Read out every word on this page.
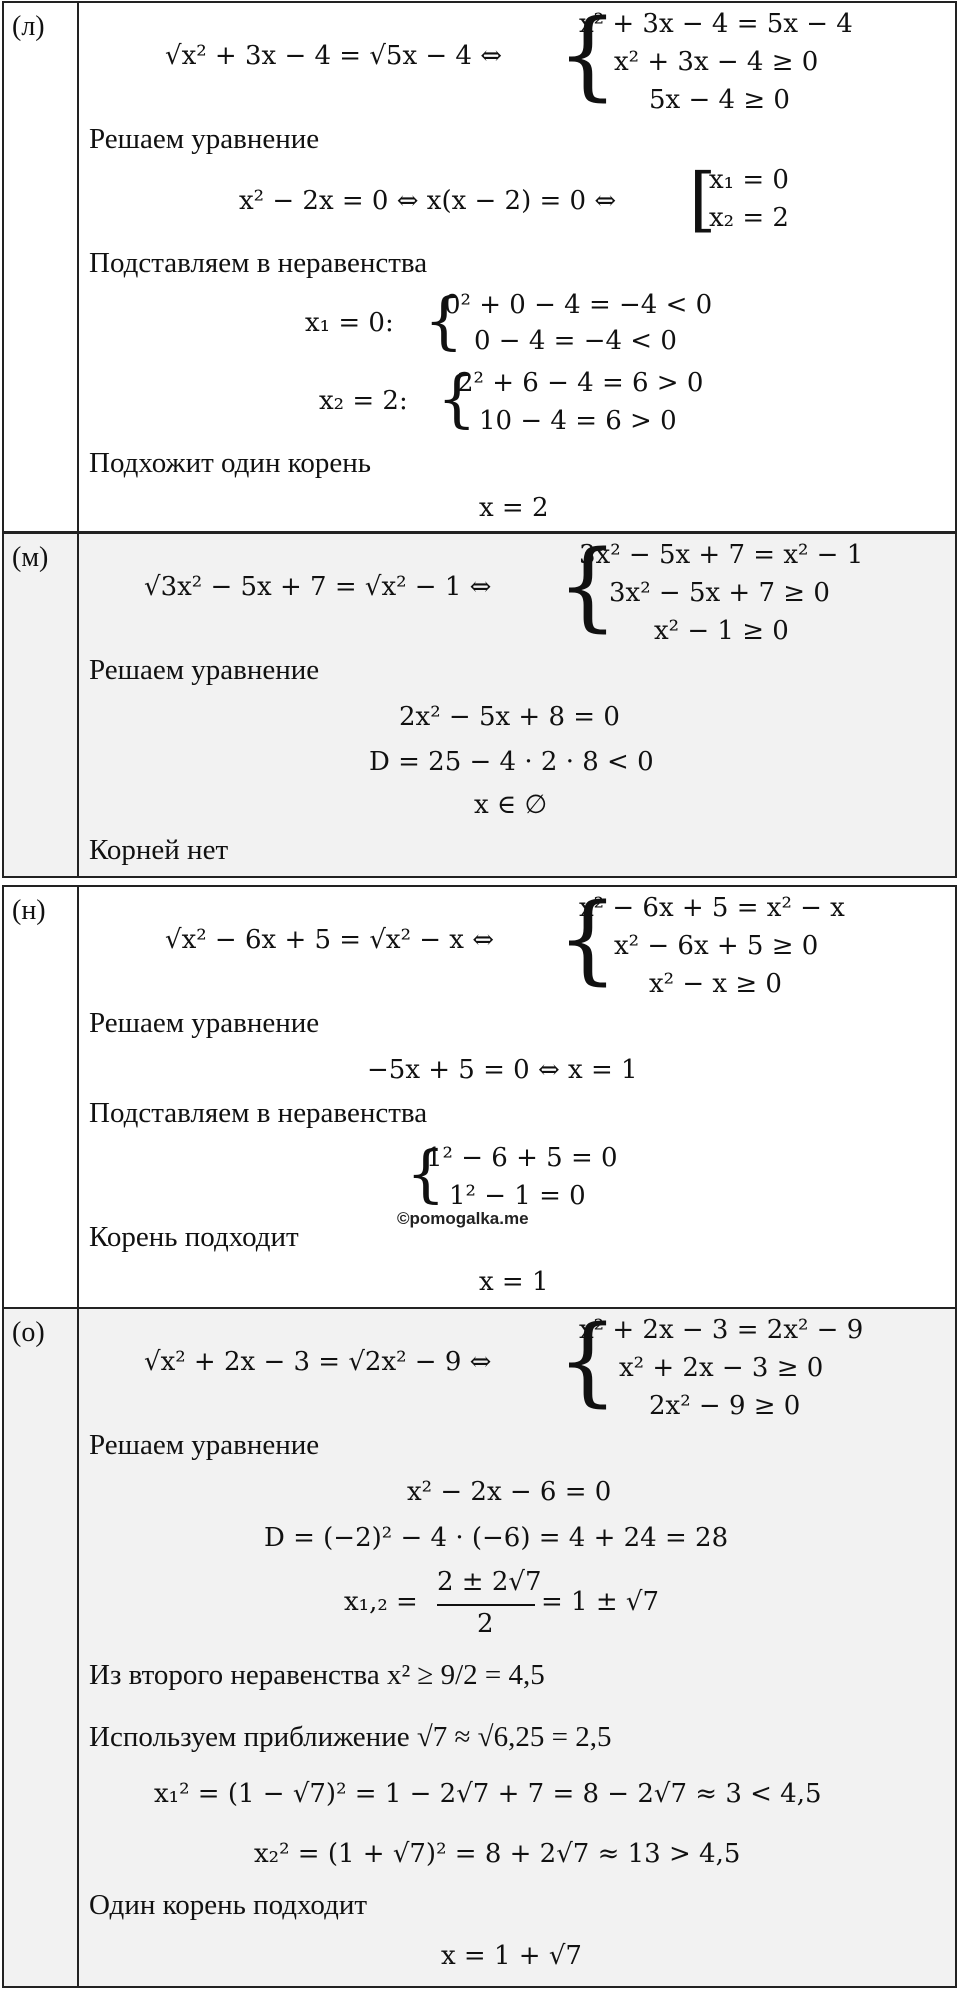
(л)
√x² + 3x − 4 = √5x − 4 ⇔ {
x² + 3x − 4 = 5x − 4
x² + 3x − 4 ≥ 0
5x − 4 ≥ 0
Решаем уравнение
x² − 2x = 0 ⇔ x(x − 2) = 0 ⇔ [
x₁ = 0
x₂ = 2
Подставляем в неравенства
x₁ = 0: {
0² + 0 − 4 = −4 < 0
0 − 4 = −4 < 0
x₂ = 2: {
2² + 6 − 4 = 6 > 0
10 − 4 = 6 > 0
Подхожит один корень
x = 2
(м)
√3x² − 5x + 7 = √x² − 1 ⇔ {
3x² − 5x + 7 = x² − 1
3x² − 5x + 7 ≥ 0
x² − 1 ≥ 0
Решаем уравнение
2x² − 5x + 8 = 0
D = 25 − 4 · 2 · 8 < 0
x ∈ ∅
Корней нет
(н)
√x² − 6x + 5 = √x² − x ⇔ {
x² − 6x + 5 = x² − x
x² − 6x + 5 ≥ 0
x² − x ≥ 0
Решаем уравнение
−5x + 5 = 0 ⇔ x = 1
Подставляем в неравенства
{
1² − 6 + 5 = 0
1² − 1 = 0
©pomogalka.me
Корень подходит
x = 1
(о)
√x² + 2x − 3 = √2x² − 9 ⇔ {
x² + 2x − 3 = 2x² − 9
x² + 2x − 3 ≥ 0
2x² − 9 ≥ 0
Решаем уравнение
x² − 2x − 6 = 0
D = (−2)² − 4 · (−6) = 4 + 24 = 28
x₁,₂ =
2 ± 2√7
2
= 1 ± √7
Из второго неравенства x² ≥ 9/2 = 4,5
Используем приближение √7 ≈ √6,25 = 2,5
x₁² = (1 − √7)² = 1 − 2√7 + 7 = 8 − 2√7 ≈ 3 < 4,5
x₂² = (1 + √7)² = 8 + 2√7 ≈ 13 > 4,5
Один корень подходит
x = 1 + √7
